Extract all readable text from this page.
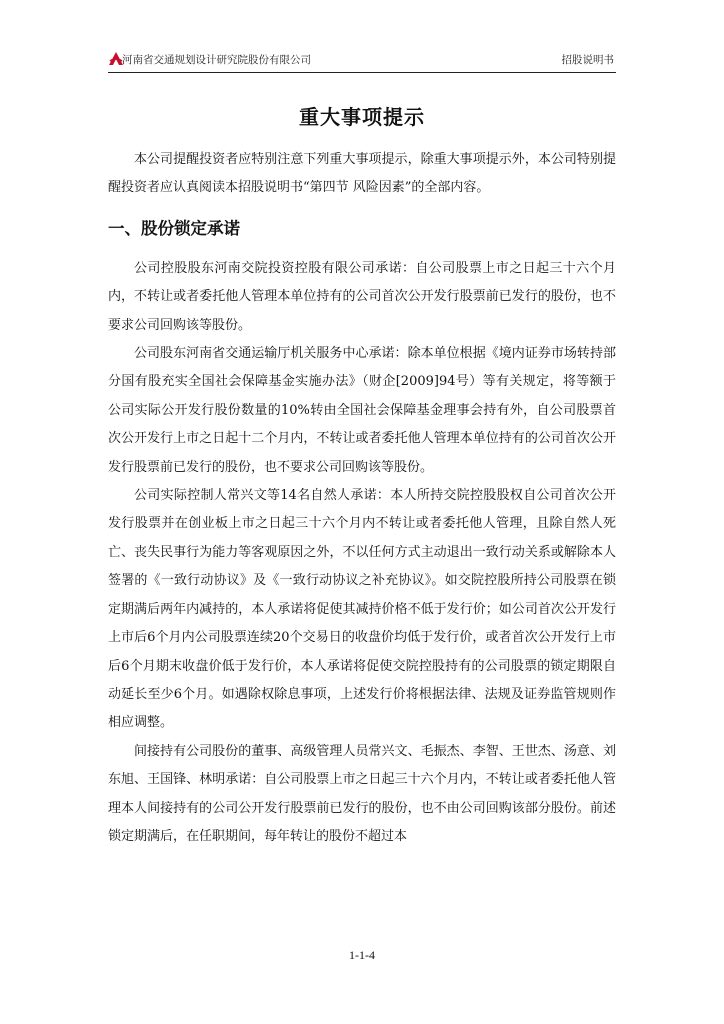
河南省交通规划设计研究院股份有限公司	招股说明书
重大事项提示

本公司提醒投资者应特别注意下列重大事项提示，除重大事项提示外，本公司特别提醒投资者应认真阅读本招股说明书“第四节 风险因素”的全部内容。

一、股份锁定承诺

公司控股股东河南交院投资控股有限公司承诺：自公司股票上市之日起三十六个月内，不转让或者委托他人管理本单位持有的公司首次公开发行股票前已发行的股份，也不要求公司回购该等股份。

公司股东河南省交通运输厅机关服务中心承诺：除本单位根据《境内证券市场转持部分国有股充实全国社会保障基金实施办法》（财企[2009]94号）等有关规定，将等额于公司实际公开发行股份数量的10%转由全国社会保障基金理事会持有外，自公司股票首次公开发行上市之日起十二个月内，不转让或者委托他人管理本单位持有的公司首次公开发行股票前已发行的股份，也不要求公司回购该等股份。

公司实际控制人常兴文等14名自然人承诺：本人所持交院控股股权自公司首次公开发行股票并在创业板上市之日起三十六个月内不转让或者委托他人管理，且除自然人死亡、丧失民事行为能力等客观原因之外，不以任何方式主动退出一致行动关系或解除本人签署的《一致行动协议》及《一致行动协议之补充协议》。如交院控股所持公司股票在锁定期满后两年内减持的，本人承诺将促使其减持价格不低于发行价；如公司首次公开发行上市后6个月内公司股票连续20个交易日的收盘价均低于发行价，或者首次公开发行上市后6个月期末收盘价低于发行价，本人承诺将促使交院控股持有的公司股票的锁定期限自动延长至少6个月。如遇除权除息事项，上述发行价将根据法律、法规及证券监管规则作相应调整。

间接持有公司股份的董事、高级管理人员常兴文、毛振杰、李智、王世杰、汤意、刘东旭、王国锋、林明承诺：自公司股票上市之日起三十六个月内，不转让或者委托他人管理本人间接持有的公司公开发行股票前已发行的股份，也不由公司回购该部分股份。前述锁定期满后，在任职期间，每年转让的股份不超过本

1-1-4
